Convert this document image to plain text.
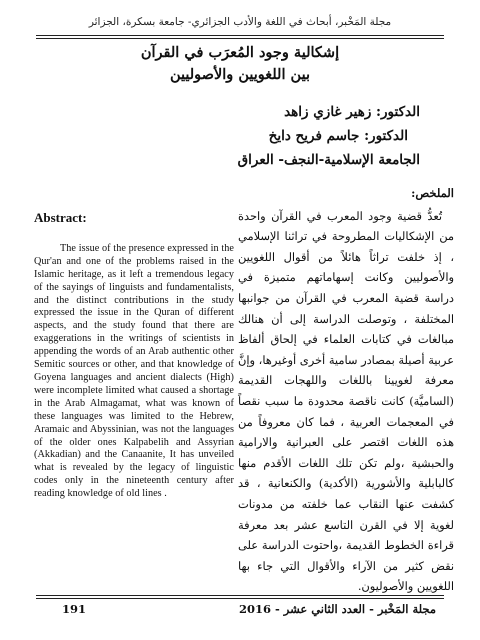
مجلة المَخْبر، أبحاث في اللغة والأدب الجزائري- جامعة بسكرة، الجزائر
إشكالية وجود المُعرَب في القرآن
بين اللغويين والأصوليين
الدكتور: زهير غازي زاهد
الدكتور: جاسم فريح دايخ
الجامعة الإسلامية-النجف- العراق
الملخص:

تُعدُّ قضية وجود المعرب في القرآن واحدة من الإشكاليات المطروحة في تراثنا الإسلامي ، إذ خلفت تراثاً هائلاً من أقوال اللغويين والأصوليين وكانت إسهاماتهم متميزة في دراسة قضية المعرب في القرآن من جوانبها المختلفة ، وتوصلت الدراسة إلى أن هنالك مبالغات في كتابات العلماء في إلحاق ألفاظ عربية أصيلة بمصادر سامية أخرى أوغيرها، وإنَّ معرفة لغويينا باللغات واللهجات القديمة (الساميَّة) كانت ناقصة محدودة ما سبب نقصاً في المعجمات العربية ، فما كان معروفاً من هذه اللغات اقتصر على العبرانية والارامية والحبشية ،ولم تكن تلك اللغات الأقدم منها كالبابلية والأشورية (الأكدية) والكنعانية ، قد كشفت عنها النقاب عما خلفته من مدونات لغوية إلا في القرن التاسع عشر بعد معرفة قراءة الخطوط القديمة ،واحتوت الدراسة على نقض كثير من الآراء والأقوال التي جاء بها اللغويين والأصوليون.

Abstract:

The issue of the presence expressed in the Qur'an and one of the problems raised in the Islamic heritage, as it left a tremendous legacy of the sayings of linguists and fundamentalists, and the distinct contributions in the study expressed the issue in the Quran of different aspects, and the study found that there are exaggerations in the writings of scientists in appending the words of an Arab authentic other Semitic sources or other, and that knowledge of Goyena languages and ancient dialects (High) were incomplete limited what caused a shortage in the Arab Almagamat, what was known of these languages was limited to the Hebrew, Aramaic and Abyssinian, was not the languages of the older ones Kalpabelih and Assyrian (Akkadian) and the Canaanite, It has unveiled what is revealed by the legacy of linguistic codes only in the nineteenth century after reading knowledge of old lines .

191	مجلة المَخْبر - العدد الثاني عشر - 2016
